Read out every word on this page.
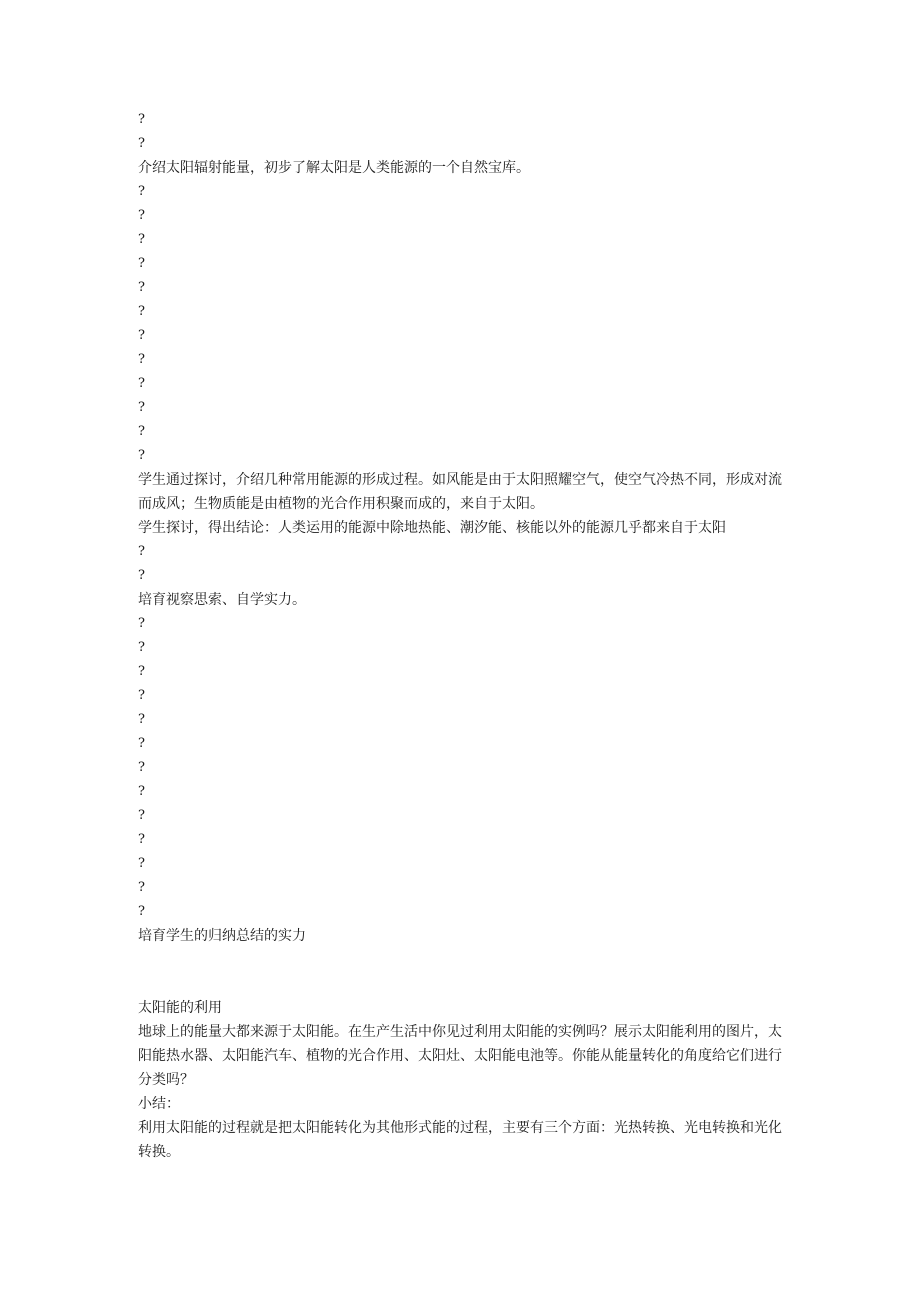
?
?
介绍太阳辐射能量，初步了解太阳是人类能源的一个自然宝库。
?
?
?
?
?
?
?
?
?
?
?
?

学生通过探讨，介绍几种常用能源的形成过程。如风能是由于太阳照耀空气，使空气冷热不同，形成对流而成风；生物质能是由植物的光合作用积聚而成的，来自于太阳。

学生探讨，得出结论：人类运用的能源中除地热能、潮汐能、核能以外的能源几乎都来自于太阳

?
?
培育视察思索、自学实力。
?
?
?
?
?
?
?
?
?
?
?
?
?
培育学生的归纳总结的实力
太阳能的利用

地球上的能量大都来源于太阳能。在生产生活中你见过利用太阳能的实例吗？展示太阳能利用的图片，太阳能热水器、太阳能汽车、植物的光合作用、太阳灶、太阳能电池等。你能从能量转化的角度给它们进行分类吗？

小结：

利用太阳能的过程就是把太阳能转化为其他形式能的过程，主要有三个方面：光热转换、光电转换和光化转换。
